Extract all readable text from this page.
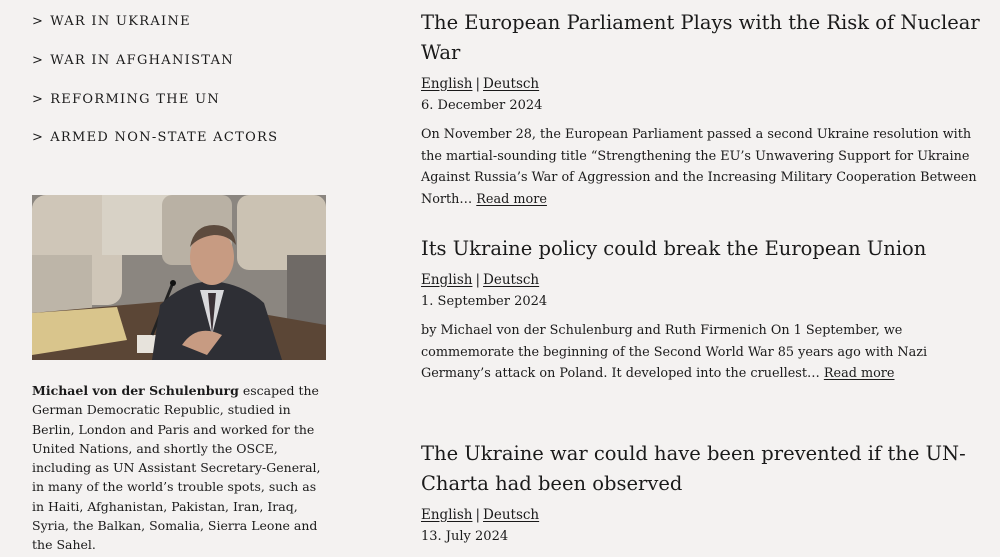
> WAR IN UKRAINE
> WAR IN AFGHANISTAN
> REFORMING THE UN
> ARMED NON-STATE ACTORS

Michael von der Schulenburg escaped the German Democratic Republic, studied in Berlin, London and Paris and worked for the United Nations, and shortly the OSCE, including as UN Assistant Secretary-General, in many of the world’s trouble spots, such as in Haiti, Afghanistan, Pakistan, Iran, Iraq, Syria, the Balkan, Somalia, Sierra Leone and the Sahel.

The European Parliament Plays with the Risk of Nuclear War
English | Deutsch
6. December 2024
On November 28, the European Parliament passed a second Ukraine resolution with the martial-sounding title “Strengthening the EU’s Unwavering Support for Ukraine Against Russia’s War of Aggression and the Increasing Military Cooperation Between North… Read more
Its Ukraine policy could break the European Union
English | Deutsch
1. September 2024
by Michael von der Schulenburg and Ruth Firmenich On 1 September, we commemorate the beginning of the Second World War 85 years ago with Nazi Germany’s attack on Poland. It developed into the cruellest… Read more
The Ukraine war could have been prevented if the UN-Charta had been observed
English | Deutsch
13. July 2024
